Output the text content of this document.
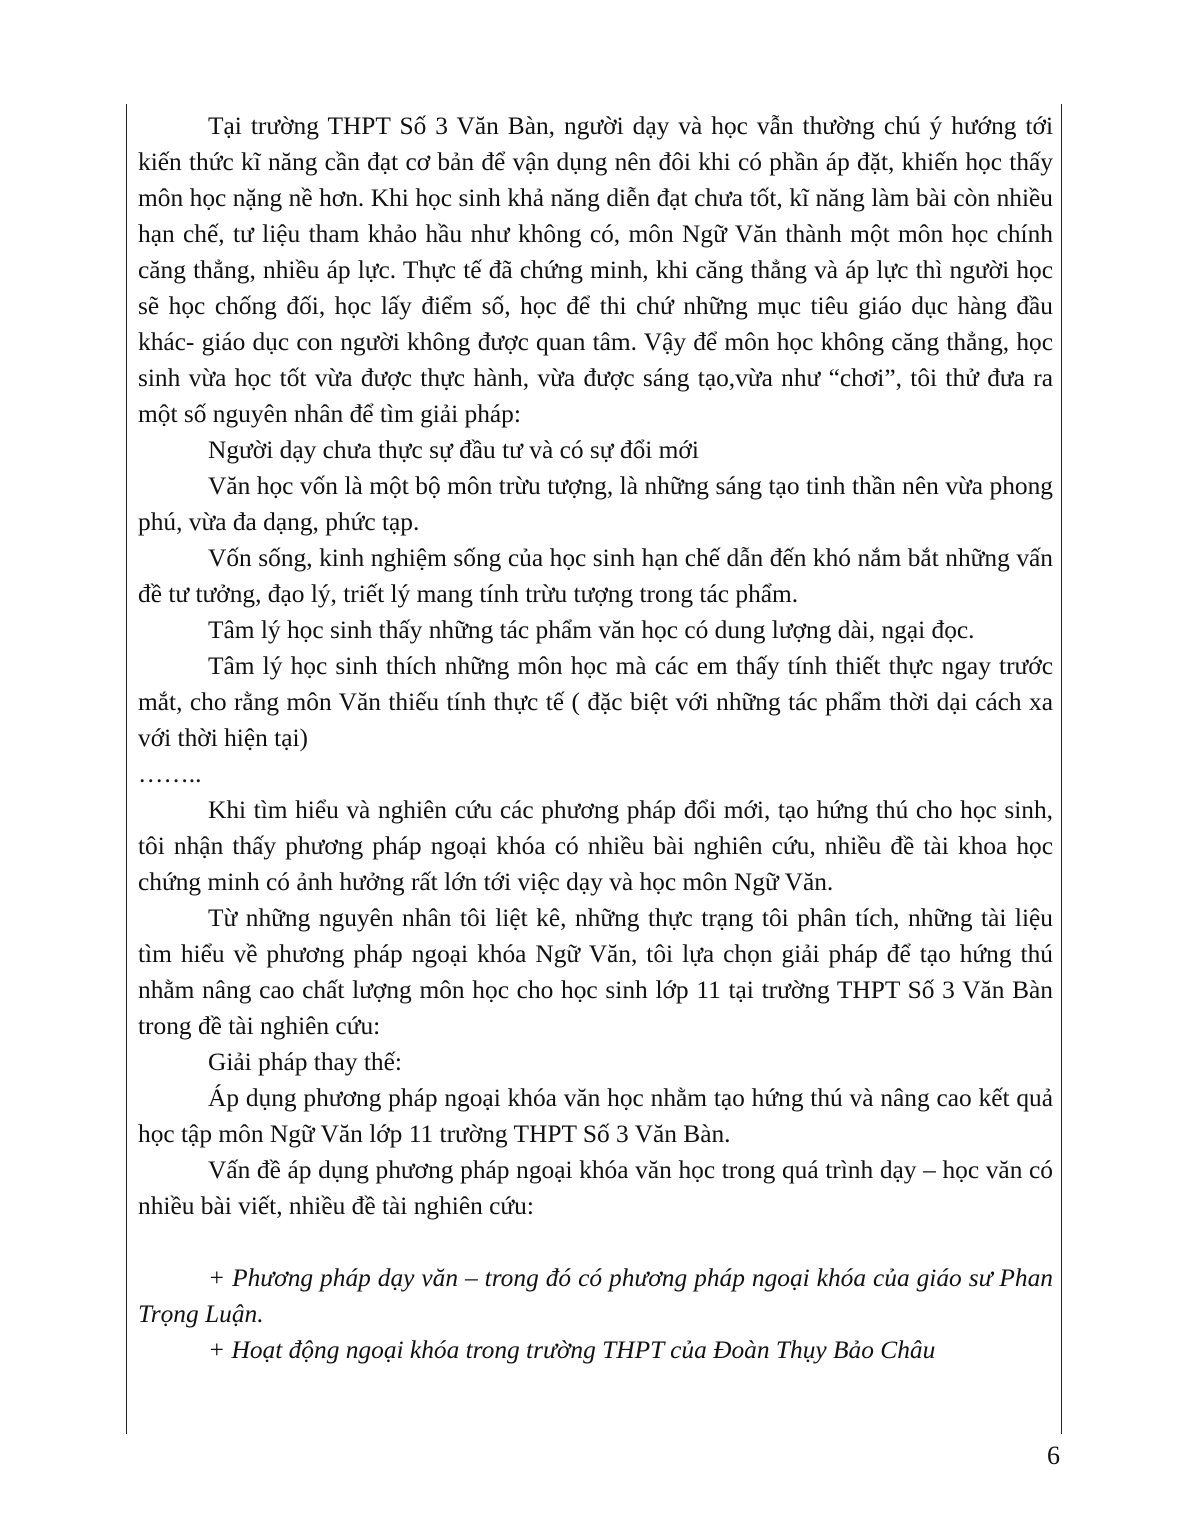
Tại trường THPT Số 3 Văn Bàn, người dạy và học vẫn thường chú ý hướng tới kiến thức kĩ năng cần đạt cơ bản để vận dụng nên đôi khi có phần áp đặt, khiến học thấy môn học nặng nề hơn. Khi học sinh khả năng diễn đạt chưa tốt, kĩ năng làm bài còn nhiều hạn chế, tư liệu tham khảo hầu như không có, môn Ngữ Văn thành một môn học chính căng thẳng, nhiều áp lực. Thực tế đã chứng minh, khi căng thẳng và áp lực thì người học sẽ học chống đối, học lấy điểm số, học để thi chứ những mục tiêu giáo dục hàng đầu khác- giáo dục con người không được quan tâm. Vậy để môn học không căng thẳng, học sinh vừa học tốt vừa được thực hành, vừa được sáng tạo,vừa như “chơi”, tôi thử đưa ra một số nguyên nhân để tìm giải pháp:

Người dạy chưa thực sự đầu tư và có sự đổi mới

Văn học vốn là một bộ môn trừu tượng, là những sáng tạo tinh thần nên vừa phong phú, vừa đa dạng, phức tạp.

Vốn sống, kinh nghiệm sống của học sinh hạn chế dẫn đến khó nắm bắt những vấn đề tư tưởng, đạo lý, triết lý mang tính trừu tượng trong tác phẩm.

Tâm lý học sinh thấy những tác phẩm văn học có dung lượng dài, ngại đọc.

Tâm lý học sinh thích những môn học mà các em thấy tính thiết thực ngay trước mắt, cho rằng môn Văn thiếu tính thực tế ( đặc biệt với những tác phẩm thời dại cách xa với thời hiện tại)

……..

Khi tìm hiểu và nghiên cứu các phương pháp đổi mới, tạo hứng thú cho học sinh, tôi nhận thấy phương pháp ngoại khóa có nhiều bài nghiên cứu, nhiều đề tài khoa học chứng minh có ảnh hưởng rất lớn tới việc dạy và học môn Ngữ Văn.

Từ những nguyên nhân tôi liệt kê, những thực trạng tôi phân tích, những tài liệu tìm hiểu về phương pháp ngoại khóa Ngữ Văn, tôi lựa chọn giải pháp để tạo hứng thú nhằm nâng cao chất lượng môn học cho học sinh lớp 11 tại trường THPT Số 3 Văn Bàn trong đề tài nghiên cứu:

Giải pháp thay thế:

Áp dụng phương pháp ngoại khóa văn học nhằm tạo hứng thú và nâng cao kết quả học tập môn Ngữ Văn lớp 11 trường THPT Số 3 Văn Bàn.

Vấn đề áp dụng phương pháp ngoại khóa văn học trong quá trình dạy – học văn có nhiều bài viết, nhiều đề tài nghiên cứu:

+ Phương pháp dạy văn – trong đó có phương pháp ngoại khóa của giáo sư Phan Trọng Luận.

+ Hoạt động ngoại khóa trong trường THPT của Đoàn Thụy Bảo Châu

6
